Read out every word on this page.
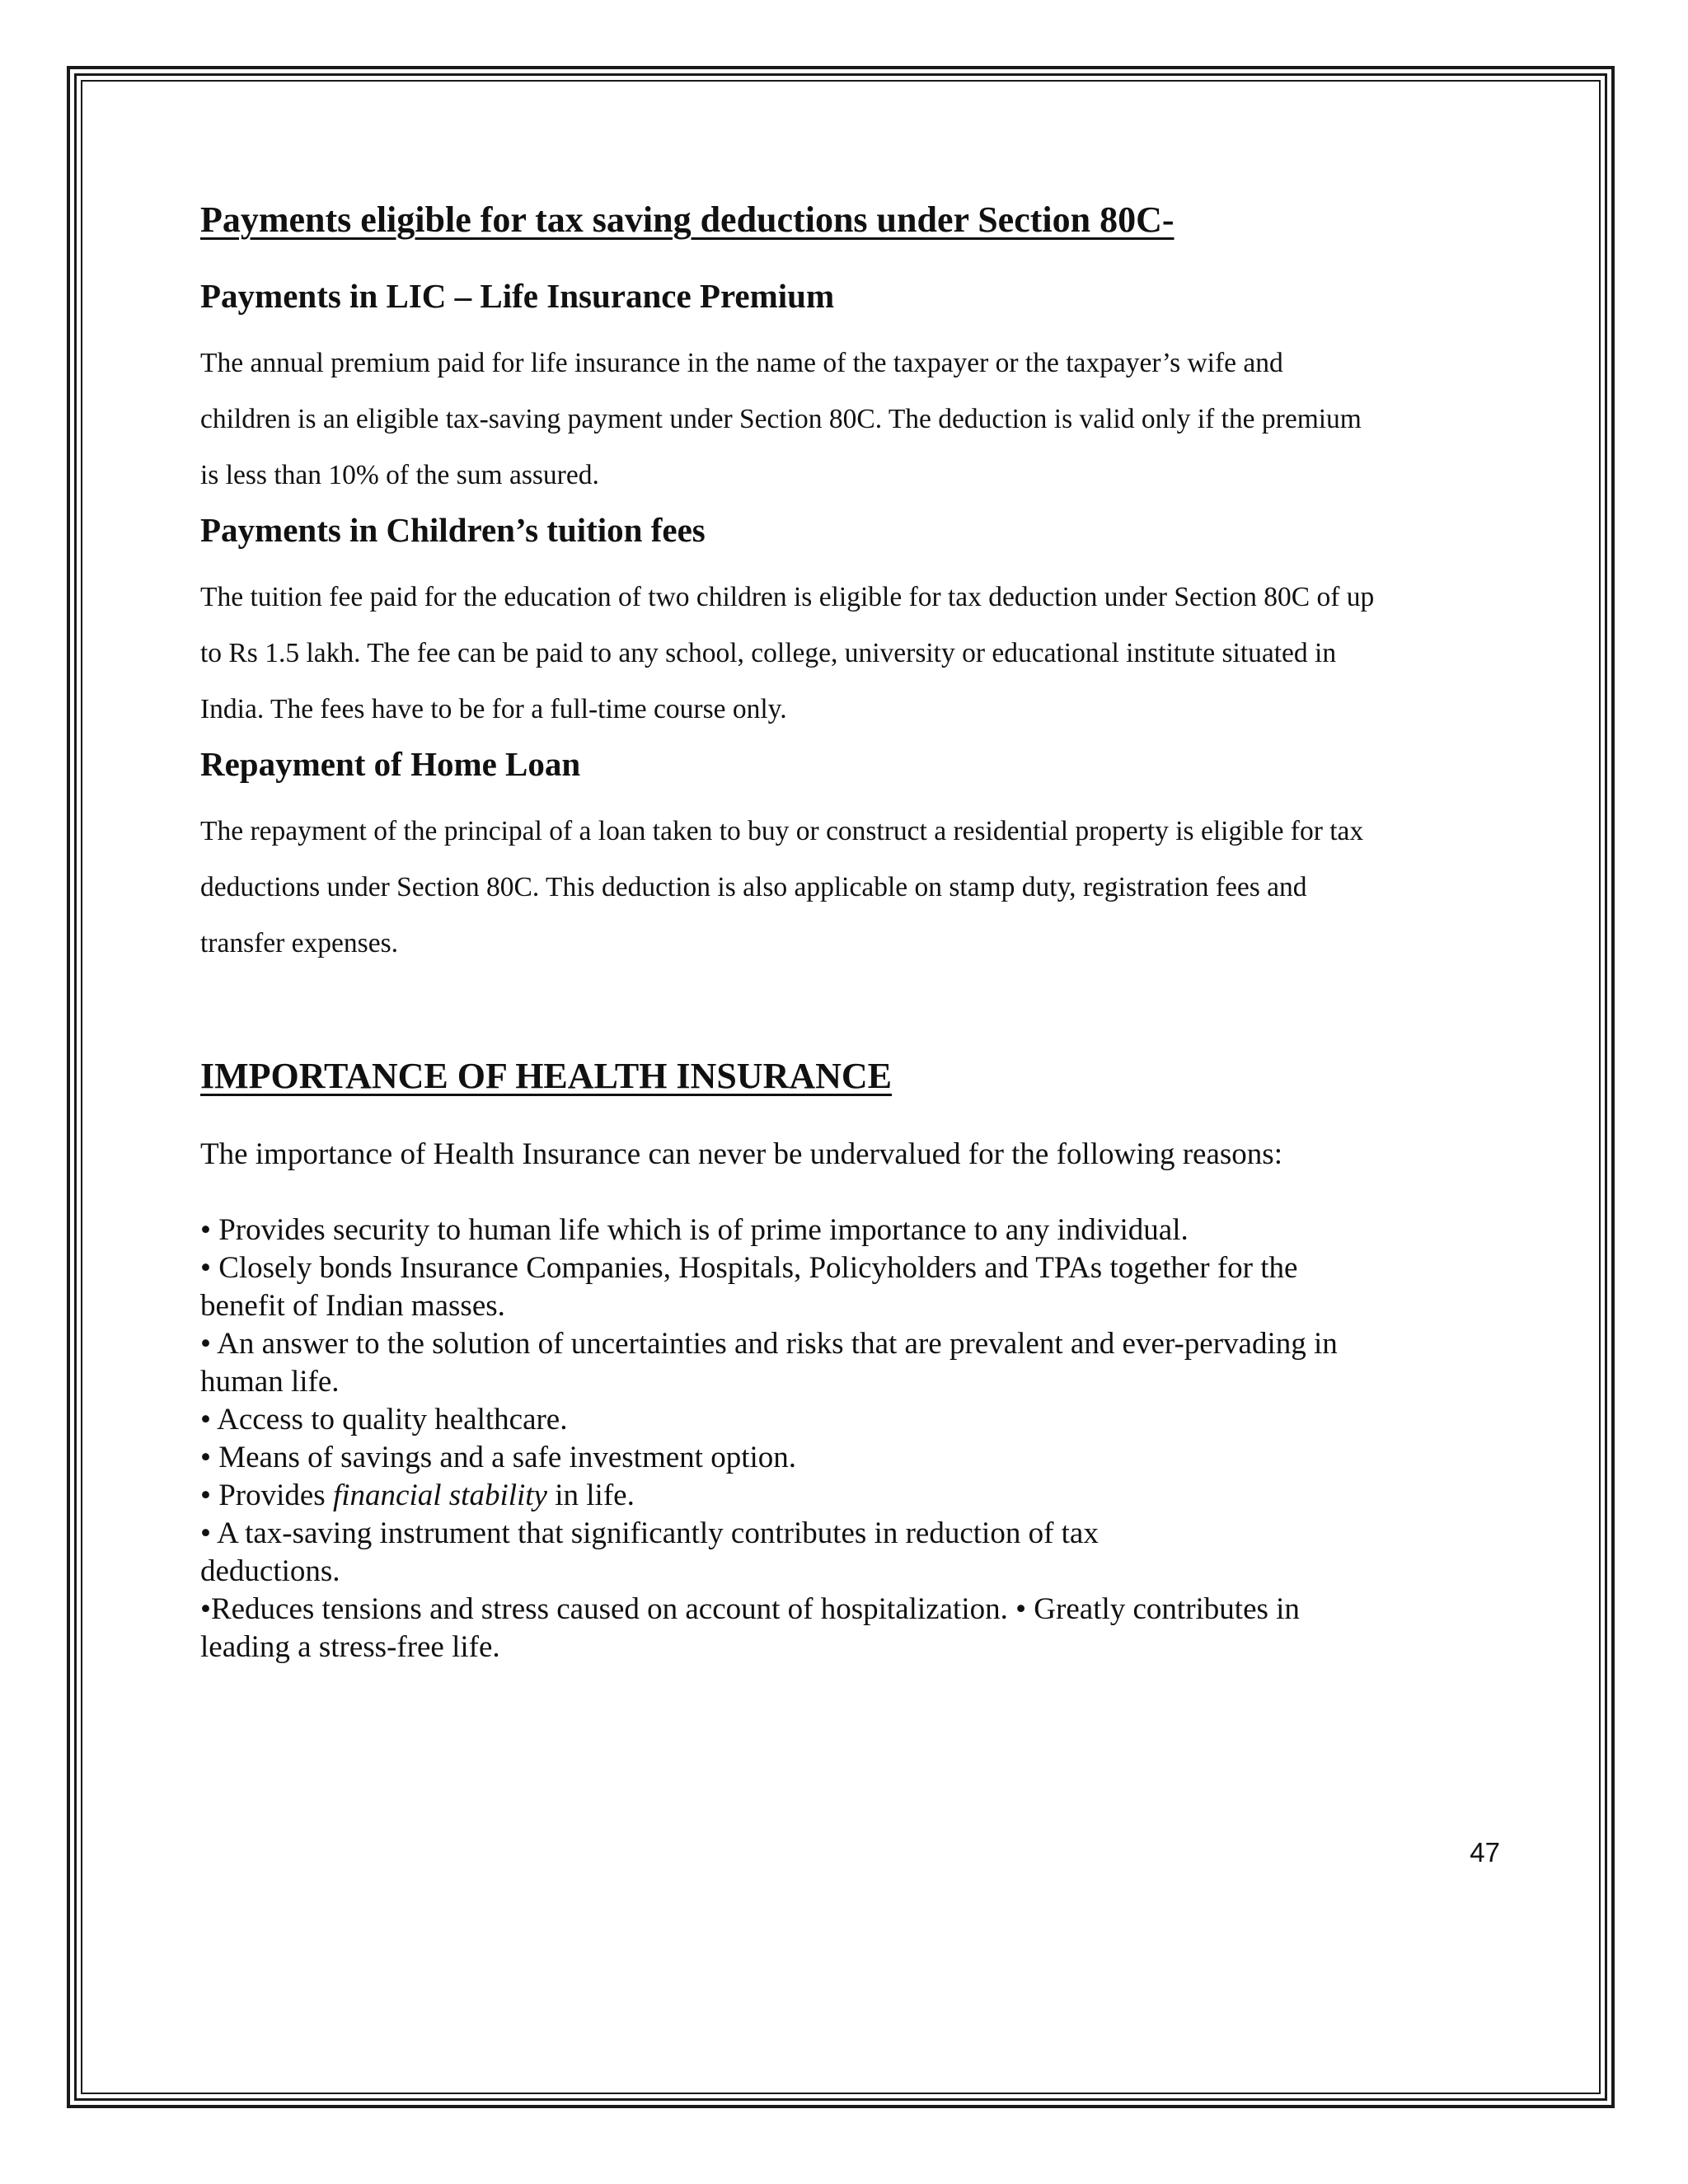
Payments eligible for tax saving deductions under Section 80C-
Payments in LIC – Life Insurance Premium

The annual premium paid for life insurance in the name of the taxpayer or the taxpayer’s wife and

children is an eligible tax-saving payment under Section 80C. The deduction is valid only if the premium

is less than 10% of the sum assured.

Payments in Children’s tuition fees

The tuition fee paid for the education of two children is eligible for tax deduction under Section 80C of up

to Rs 1.5 lakh. The fee can be paid to any school, college, university or educational institute situated in

India. The fees have to be for a full-time course only.

Repayment of Home Loan

The repayment of the principal of a loan taken to buy or construct a residential property is eligible for tax

deductions under Section 80C. This deduction is also applicable on stamp duty, registration fees and

transfer expenses.

IMPORTANCE OF HEALTH INSURANCE

The importance of Health Insurance can never be undervalued for the following reasons:

• Provides security to human life which is of prime importance to any individual.
• Closely bonds Insurance Companies, Hospitals, Policyholders and TPAs together for the
benefit of Indian masses.
• An answer to the solution of uncertainties and risks that are prevalent and ever-pervading in
human life.
• Access to quality healthcare.
• Means of savings and a safe investment option.
• Provides financial stability in life.
• A tax-saving instrument that significantly contributes in reduction of tax
deductions.
•Reduces tensions and stress caused on account of hospitalization. • Greatly contributes in
leading a stress-free life.
47
